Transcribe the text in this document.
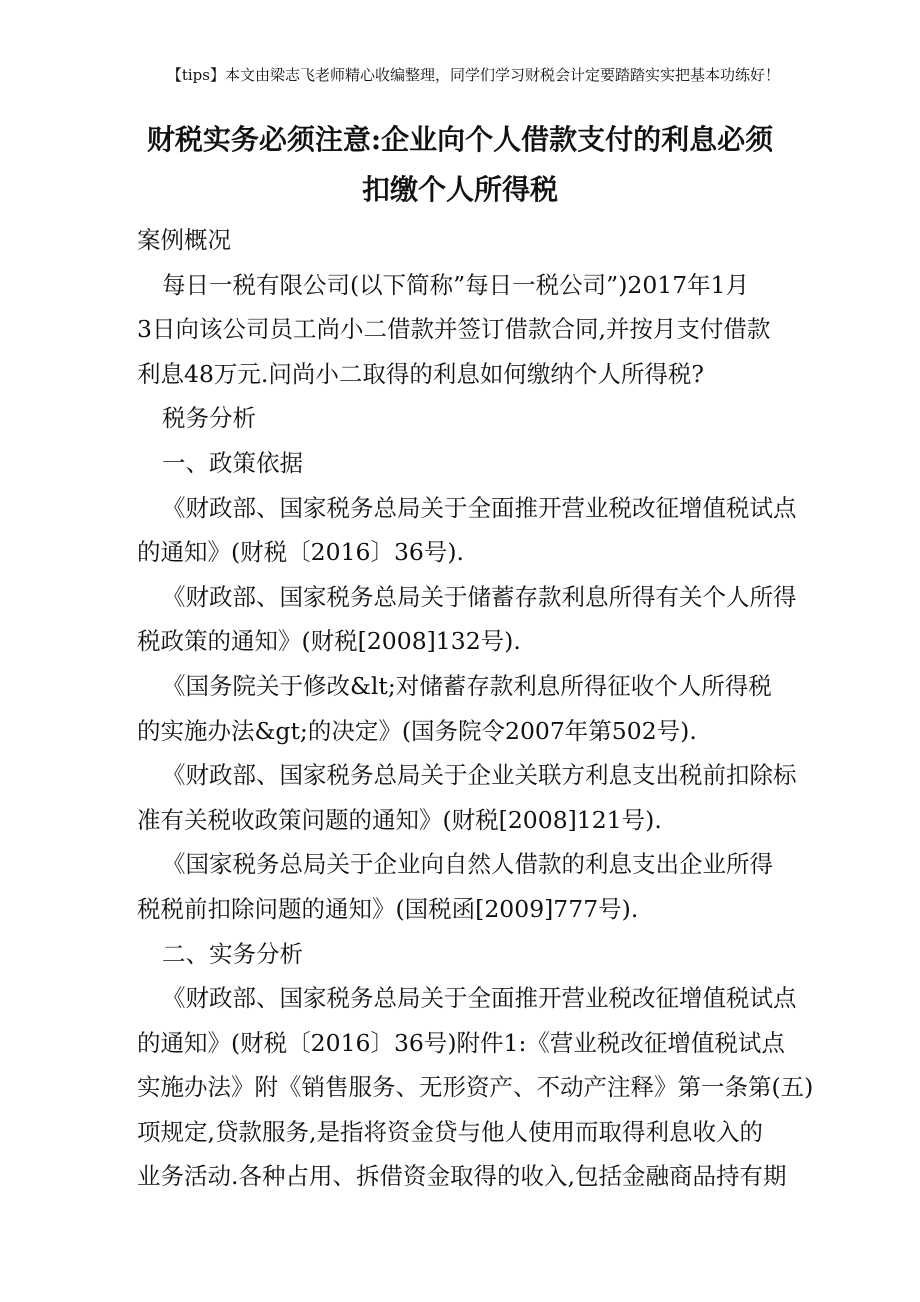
【tips】本文由梁志飞老师精心收编整理，同学们学习财税会计定要踏踏实实把基本功练好！
财税实务必须注意:企业向个人借款支付的利息必须
扣缴个人所得税
案例概况
每日一税有限公司(以下简称”每日一税公司”)2017年1月
3日向该公司员工尚小二借款并签订借款合同,并按月支付借款
利息48万元.问尚小二取得的利息如何缴纳个人所得税?
税务分析
一、政策依据
《财政部、国家税务总局关于全面推开营业税改征增值税试点
的通知》(财税〔2016〕36号).
《财政部、国家税务总局关于储蓄存款利息所得有关个人所得
税政策的通知》(财税[2008]132号).
《国务院关于修改&lt;对储蓄存款利息所得征收个人所得税
的实施办法&gt;的决定》(国务院令2007年第502号).
《财政部、国家税务总局关于企业关联方利息支出税前扣除标
准有关税收政策问题的通知》(财税[2008]121号).
《国家税务总局关于企业向自然人借款的利息支出企业所得
税税前扣除问题的通知》(国税函[2009]777号).
二、实务分析
《财政部、国家税务总局关于全面推开营业税改征增值税试点
的通知》(财税〔2016〕36号)附件1:《营业税改征增值税试点
实施办法》附《销售服务、无形资产、不动产注释》第一条第(五)
项规定,贷款服务,是指将资金贷与他人使用而取得利息收入的
业务活动.各种占用、拆借资金取得的收入,包括金融商品持有期
